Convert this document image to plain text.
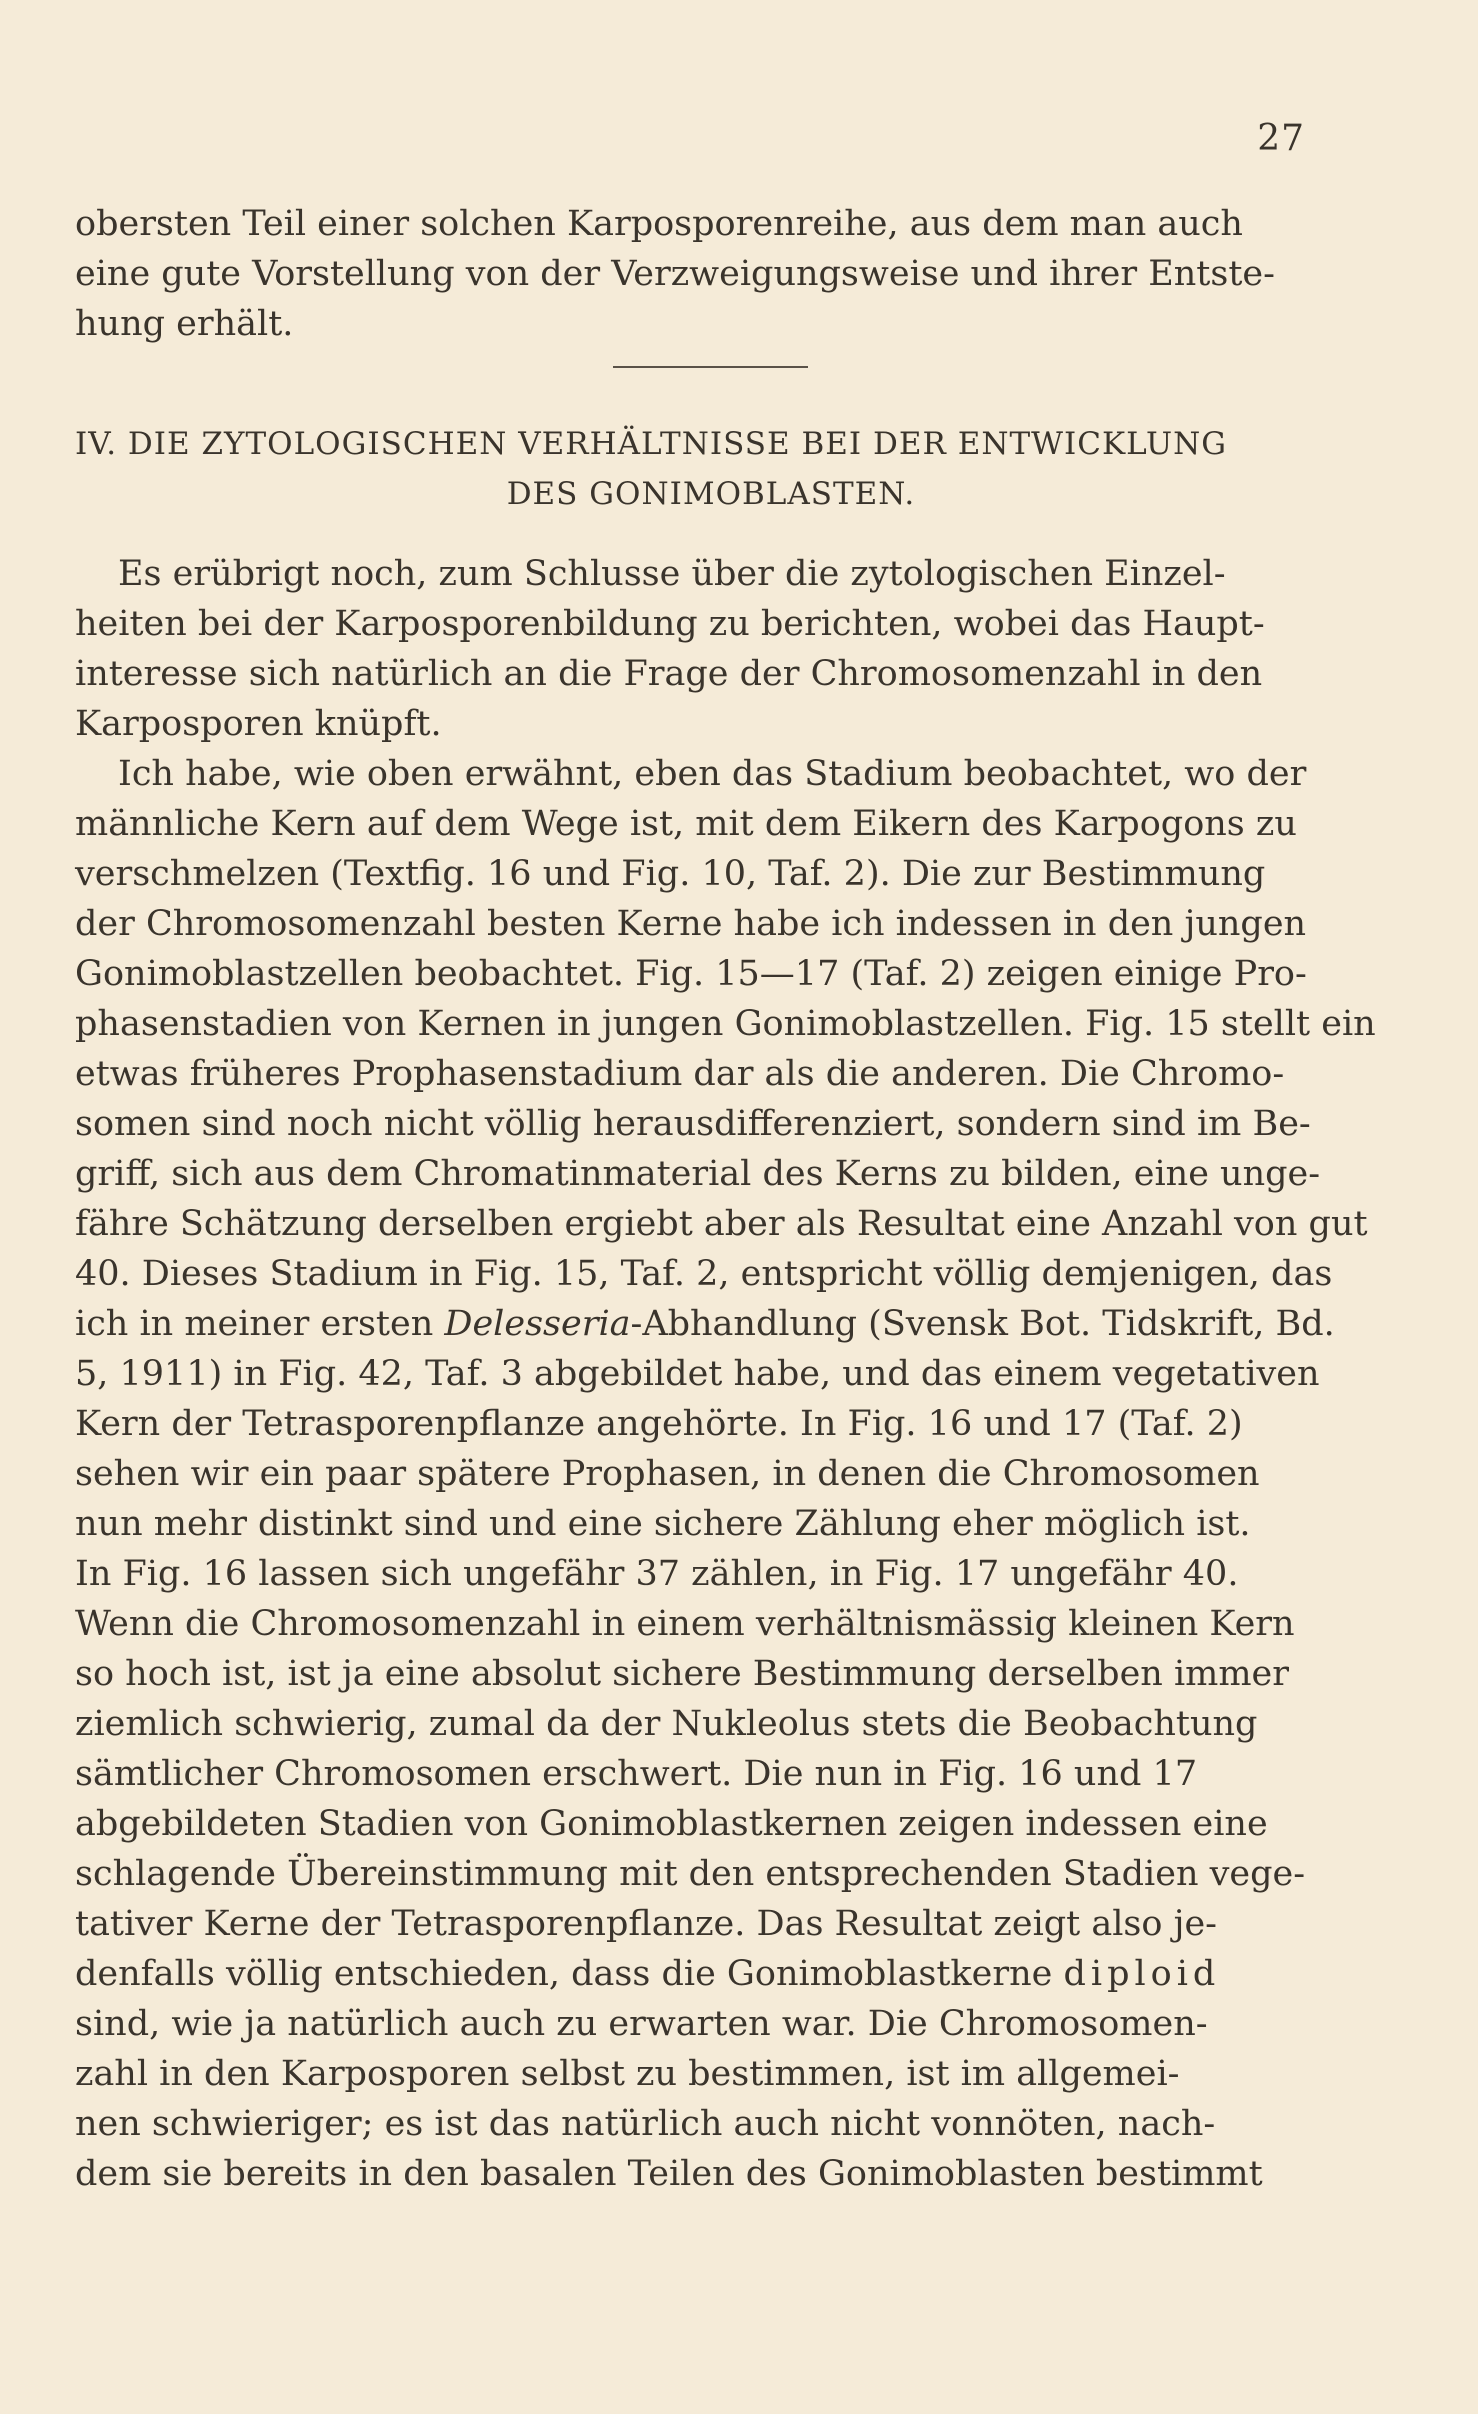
27
obersten Teil einer solchen Karposporenreihe, aus dem man auch
eine gute Vorstellung von der Verzweigungsweise und ihrer Entste-
hung erhält.
IV. DIE ZYTOLOGISCHEN VERHÄLTNISSE BEI DER ENTWICKLUNG
DES GONIMOBLASTEN.
Es erübrigt noch, zum Schlusse über die zytologischen Einzel-
heiten bei der Karposporenbildung zu berichten, wobei das Haupt-
interesse sich natürlich an die Frage der Chromosomenzahl in den
Karposporen knüpft.
Ich habe, wie oben erwähnt, eben das Stadium beobachtet, wo der
männliche Kern auf dem Wege ist, mit dem Eikern des Karpogons zu
verschmelzen (Textfig. 16 und Fig. 10, Taf. 2). Die zur Bestimmung
der Chromosomenzahl besten Kerne habe ich indessen in den jungen
Gonimoblastzellen beobachtet. Fig. 15—17 (Taf. 2) zeigen einige Pro-
phasenstadien von Kernen in jungen Gonimoblastzellen. Fig. 15 stellt ein
etwas früheres Prophasenstadium dar als die anderen. Die Chromo-
somen sind noch nicht völlig herausdifferenziert, sondern sind im Be-
griff, sich aus dem Chromatinmaterial des Kerns zu bilden, eine unge-
fähre Schätzung derselben ergiebt aber als Resultat eine Anzahl von gut
40. Dieses Stadium in Fig. 15, Taf. 2, entspricht völlig demjenigen, das
ich in meiner ersten Delesseria-Abhandlung (Svensk Bot. Tidskrift, Bd.
5, 1911) in Fig. 42, Taf. 3 abgebildet habe, und das einem vegetativen
Kern der Tetrasporenpflanze angehörte. In Fig. 16 und 17 (Taf. 2)
sehen wir ein paar spätere Prophasen, in denen die Chromosomen
nun mehr distinkt sind und eine sichere Zählung eher möglich ist.
In Fig. 16 lassen sich ungefähr 37 zählen, in Fig. 17 ungefähr 40.
Wenn die Chromosomenzahl in einem verhältnismässig kleinen Kern
so hoch ist, ist ja eine absolut sichere Bestimmung derselben immer
ziemlich schwierig, zumal da der Nukleolus stets die Beobachtung
sämtlicher Chromosomen erschwert. Die nun in Fig. 16 und 17
abgebildeten Stadien von Gonimoblastkernen zeigen indessen eine
schlagende Übereinstimmung mit den entsprechenden Stadien vege-
tativer Kerne der Tetrasporenpflanze. Das Resultat zeigt also je-
denfalls völlig entschieden, dass die Gonimoblastkerne diploid
sind, wie ja natürlich auch zu erwarten war. Die Chromosomen-
zahl in den Karposporen selbst zu bestimmen, ist im allgemei-
nen schwieriger; es ist das natürlich auch nicht vonnöten, nach-
dem sie bereits in den basalen Teilen des Gonimoblasten bestimmt
